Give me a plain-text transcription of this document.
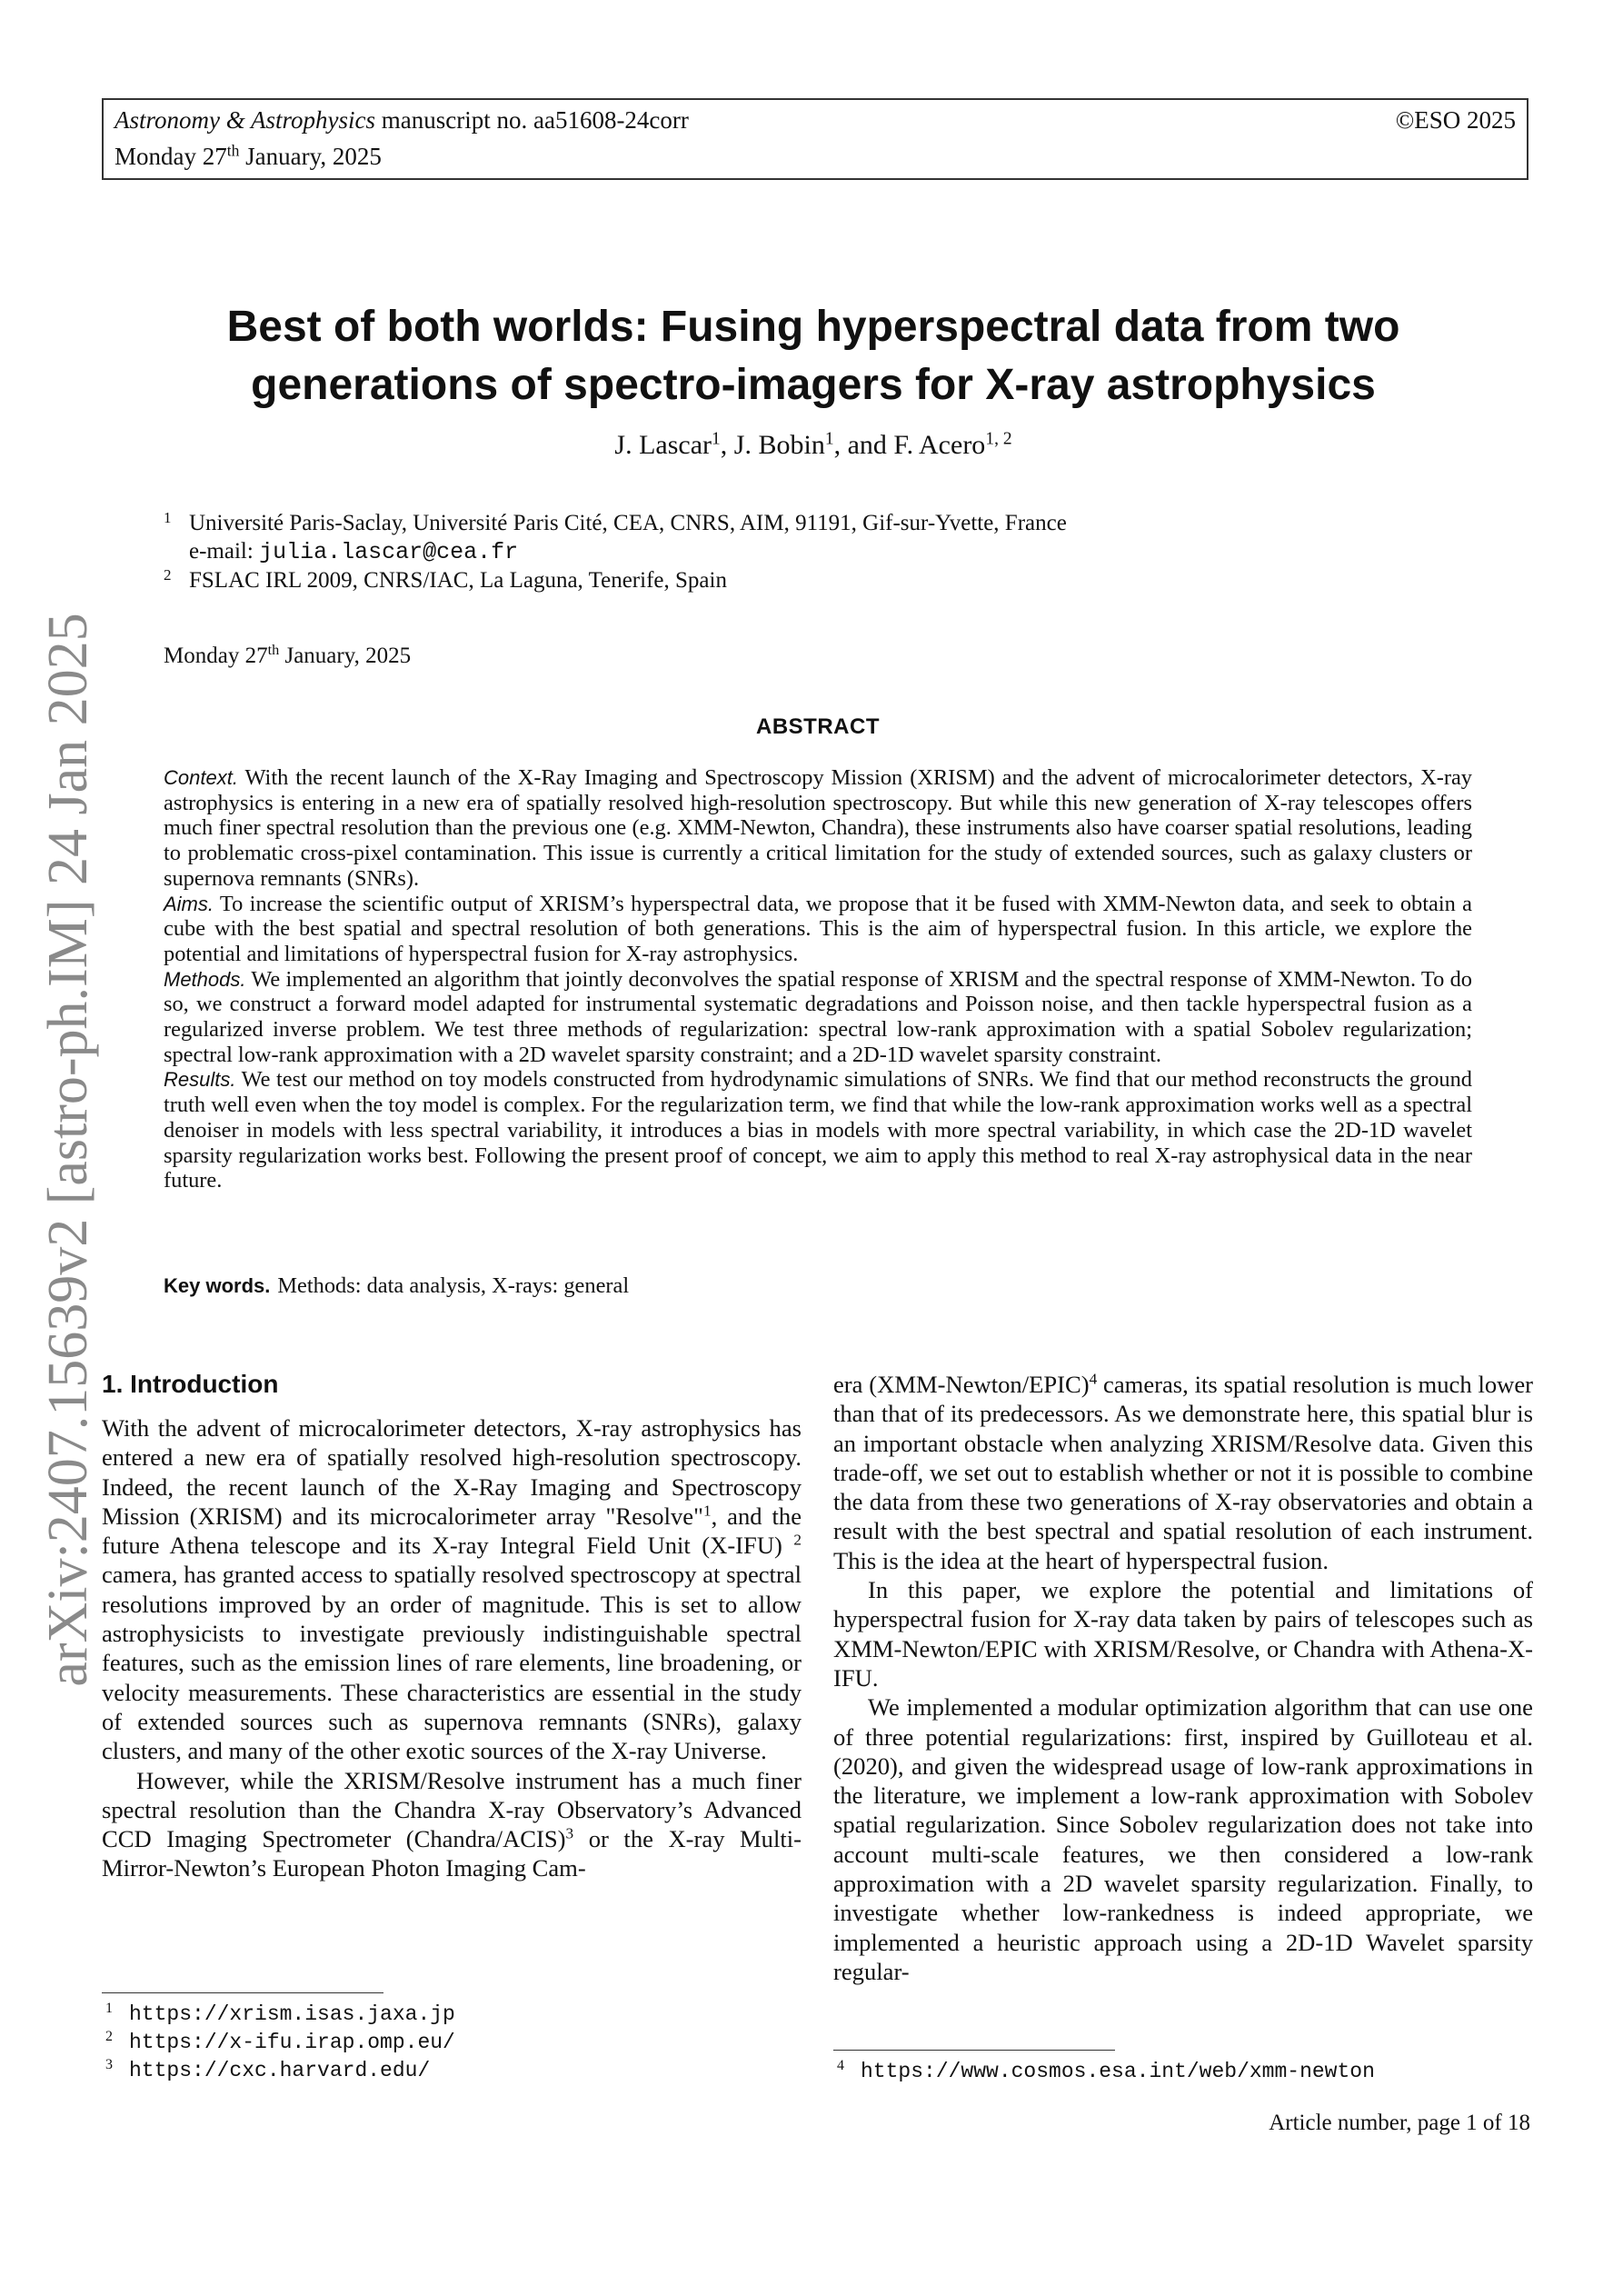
Astronomy & Astrophysics manuscript no. aa51608-24corr
Monday 27th January, 2025
©ESO 2025
arXiv:2407.15639v2 [astro-ph.IM] 24 Jan 2025
Best of both worlds: Fusing hyperspectral data from two
generations of spectro-imagers for X-ray astrophysics
J. Lascar$^1$, J. Bobin$^1$, and F. Acero$^{1, 2}$
1 Université Paris-Saclay, Université Paris Cité, CEA, CNRS, AIM, 91191, Gif-sur-Yvette, France
e-mail: julia.lascar@cea.fr
2 FSLAC IRL 2009, CNRS/IAC, La Laguna, Tenerife, Spain
Monday 27th January, 2025
ABSTRACT

Context. With the recent launch of the X-Ray Imaging and Spectroscopy Mission (XRISM) and the advent of microcalorimeter detectors, X-ray astrophysics is entering in a new era of spatially resolved high-resolution spectroscopy. But while this new generation of X-ray telescopes offers much finer spectral resolution than the previous one (e.g. XMM-Newton, Chandra), these instruments also have coarser spatial resolutions, leading to problematic cross-pixel contamination. This issue is currently a critical limitation for the study of extended sources, such as galaxy clusters or supernova remnants (SNRs).

Aims. To increase the scientific output of XRISM’s hyperspectral data, we propose that it be fused with XMM-Newton data, and seek to obtain a cube with the best spatial and spectral resolution of both generations. This is the aim of hyperspectral fusion. In this article, we explore the potential and limitations of hyperspectral fusion for X-ray astrophysics.

Methods. We implemented an algorithm that jointly deconvolves the spatial response of XRISM and the spectral response of XMM-Newton. To do so, we construct a forward model adapted for instrumental systematic degradations and Poisson noise, and then tackle hyperspectral fusion as a regularized inverse problem. We test three methods of regularization: spectral low-rank approximation with a spatial Sobolev regularization; spectral low-rank approximation with a 2D wavelet sparsity constraint; and a 2D-1D wavelet sparsity constraint.

Results. We test our method on toy models constructed from hydrodynamic simulations of SNRs. We find that our method reconstructs the ground truth well even when the toy model is complex. For the regularization term, we find that while the low-rank approximation works well as a spectral denoiser in models with less spectral variability, it introduces a bias in models with more spectral variability, in which case the 2D-1D wavelet sparsity regularization works best. Following the present proof of concept, we aim to apply this method to real X-ray astrophysical data in the near future.

Key words. Methods: data analysis, X-rays: general
1. Introduction

With the advent of microcalorimeter detectors, X-ray astrophysics has entered a new era of spatially resolved high-resolution spectroscopy. Indeed, the recent launch of the X-Ray Imaging and Spectroscopy Mission (XRISM) and its microcalorimeter array "Resolve"$^1$, and the future Athena telescope and its X-ray Integral Field Unit (X-IFU) $^2$ camera, has granted access to spatially resolved spectroscopy at spectral resolutions improved by an order of magnitude. This is set to allow astrophysicists to investigate previously indistinguishable spectral features, such as the emission lines of rare elements, line broadening, or velocity measurements. These characteristics are essential in the study of extended sources such as supernova remnants (SNRs), galaxy clusters, and many of the other exotic sources of the X-ray Universe.

However, while the XRISM/Resolve instrument has a much finer spectral resolution than the Chandra X-ray Observatory’s Advanced CCD Imaging Spectrometer (Chandra/ACIS)$^3$ or the X-ray Multi-Mirror-Newton’s European Photon Imaging Cam-

era (XMM-Newton/EPIC)$^4$ cameras, its spatial resolution is much lower than that of its predecessors. As we demonstrate here, this spatial blur is an important obstacle when analyzing XRISM/Resolve data. Given this trade-off, we set out to establish whether or not it is possible to combine the data from these two generations of X-ray observatories and obtain a result with the best spectral and spatial resolution of each instrument. This is the idea at the heart of hyperspectral fusion.

In this paper, we explore the potential and limitations of hyperspectral fusion for X-ray data taken by pairs of telescopes such as XMM-Newton/EPIC with XRISM/Resolve, or Chandra with Athena-X-IFU.

We implemented a modular optimization algorithm that can use one of three potential regularizations: first, inspired by Guilloteau et al. (2020), and given the widespread usage of low-rank approximations in the literature, we implement a low-rank approximation with Sobolev spatial regularization. Since Sobolev regularization does not take into account multi-scale features, we then considered a low-rank approximation with a 2D wavelet sparsity regularization. Finally, to investigate whether low-rankedness is indeed appropriate, we implemented a heuristic approach using a 2D-1D Wavelet sparsity regular-

1 https://xrism.isas.jaxa.jp
2 https://x-ifu.irap.omp.eu/
3 https://cxc.harvard.edu/	4 https://www.cosmos.esa.int/web/xmm-newton
Article number, page 1 of 18
